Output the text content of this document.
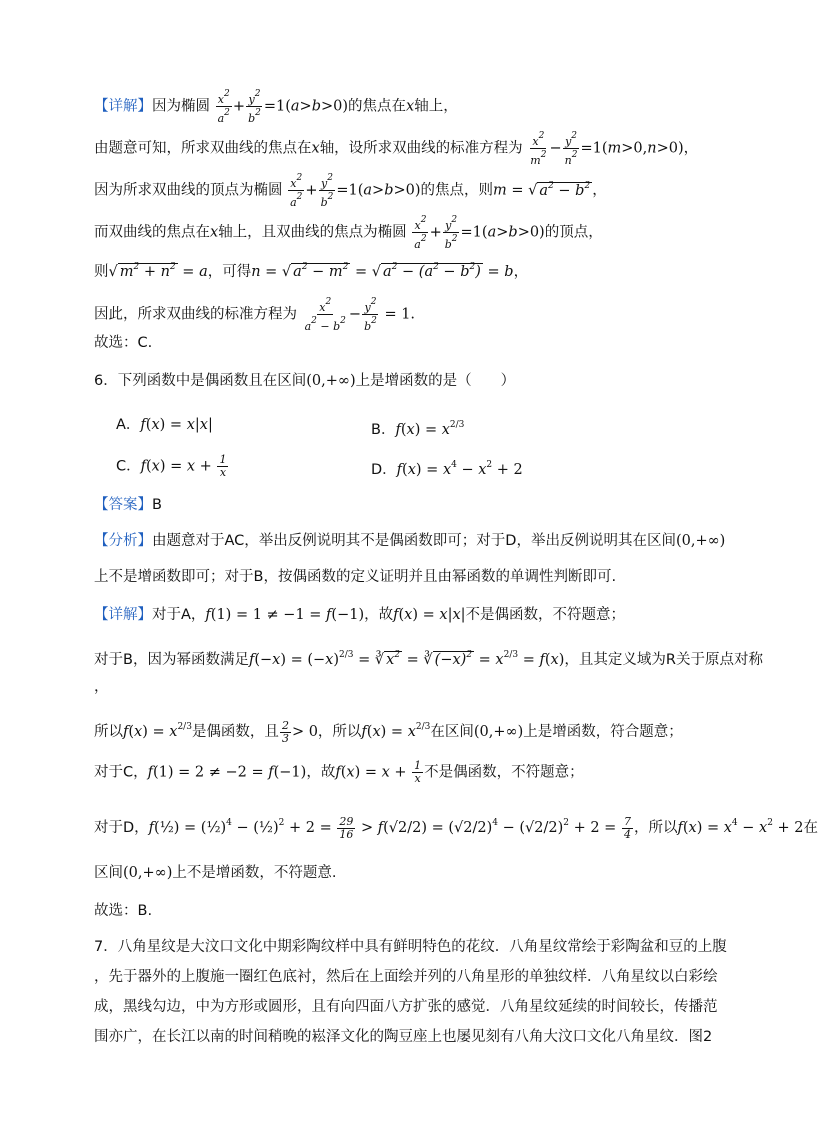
【详解】因为椭圆 $\frac{x^2}{a^2} + \frac{y^2}{b^2} =1(a>b>0)$的焦点在x轴上，
由题意可知，所求双曲线的焦点在x轴，设所求双曲线的标准方程为 $\frac{x^2}{m^2} - \frac{y^2}{n^2} =1(m>0,n>0)$，
因为所求双曲线的顶点为椭圆 $\frac{x^2}{a^2} + \frac{y^2}{b^2} =1(a>b>0)$的焦点，则m = √ $a^2 - b^2$ ，
而双曲线的焦点在x轴上，且双曲线的焦点为椭圆 $\frac{x^2}{a^2} + \frac{y^2}{b^2} =1(a>b>0)$的顶点，
则√ $m^2 + n^2 = a$，可得n = √ $a^2 - m^2$ = √ $a^2 - (a^2 - b^2) = b$，
因此，所求双曲线的标准方程为 $\frac{x^2}{a^2 - b^2} - \frac{y^2}{b^2} = 1$.
故选：C.
6．下列函数中是偶函数且在区间(0,+∞)上是增函数的是（　　）
A．f(x) = x|x|	B．$f(x) = x^{2/3}$
C．$f(x) = x + \frac{1}{x}$	D．$f(x) = x^4 - x^2 + 2$
【答案】B
【分析】由题意对于AC，举出反例说明其不是偶函数即可；对于D，举出反例说明其在区间(0,+∞)
上不是增函数即可；对于B，按偶函数的定义证明并且由幂函数的单调性判断即可.
【详解】对于A，f(1) = 1 ≠ −1 = f(−1)，故f(x) = x|x|不是偶函数，不符题意；
对于B，因为幂函数满足$f(-x) = (-x)^{2/3}$ = ∛ $x^2$ = ∛ $(-x)^2 = x^{2/3} = f(x)$，且其定义域为R关于原点对称
，
所以$f(x) = x^{2/3}$是偶函数，且 $\frac{2}{3} > 0$，所以$f(x) = x^{2/3}$在区间(0,+∞)上是增函数，符合题意；
对于C，f(1) = 2 ≠ −2 = f(−1)，故$f(x) = x + \frac{1}{x}$ 不是偶函数，不符题意；
对于D，f(½) = (½)$^4$ − (½)$^2$ + $2 = \frac{29}{16} > f(√2/2) = (√2/2)^4 - (√2/2)^2 + 2 = \frac{7}{4}$ ，所以$f(x) = x^4 - x^2 + 2$在
区间(0,+∞)上不是增函数，不符题意.
故选：B.
7．八角星纹是大汶口文化中期彩陶纹样中具有鲜明特色的花纹．八角星纹常绘于彩陶盆和豆的上腹
，先于器外的上腹施一圈红色底衬，然后在上面绘并列的八角星形的单独纹样．八角星纹以白彩绘
成，黑线勾边，中为方形或圆形，且有向四面八方扩张的感觉．八角星纹延续的时间较长，传播范
围亦广，在长江以南的时间稍晚的崧泽文化的陶豆座上也屡见刻有八角大汶口文化八角星纹．图2
